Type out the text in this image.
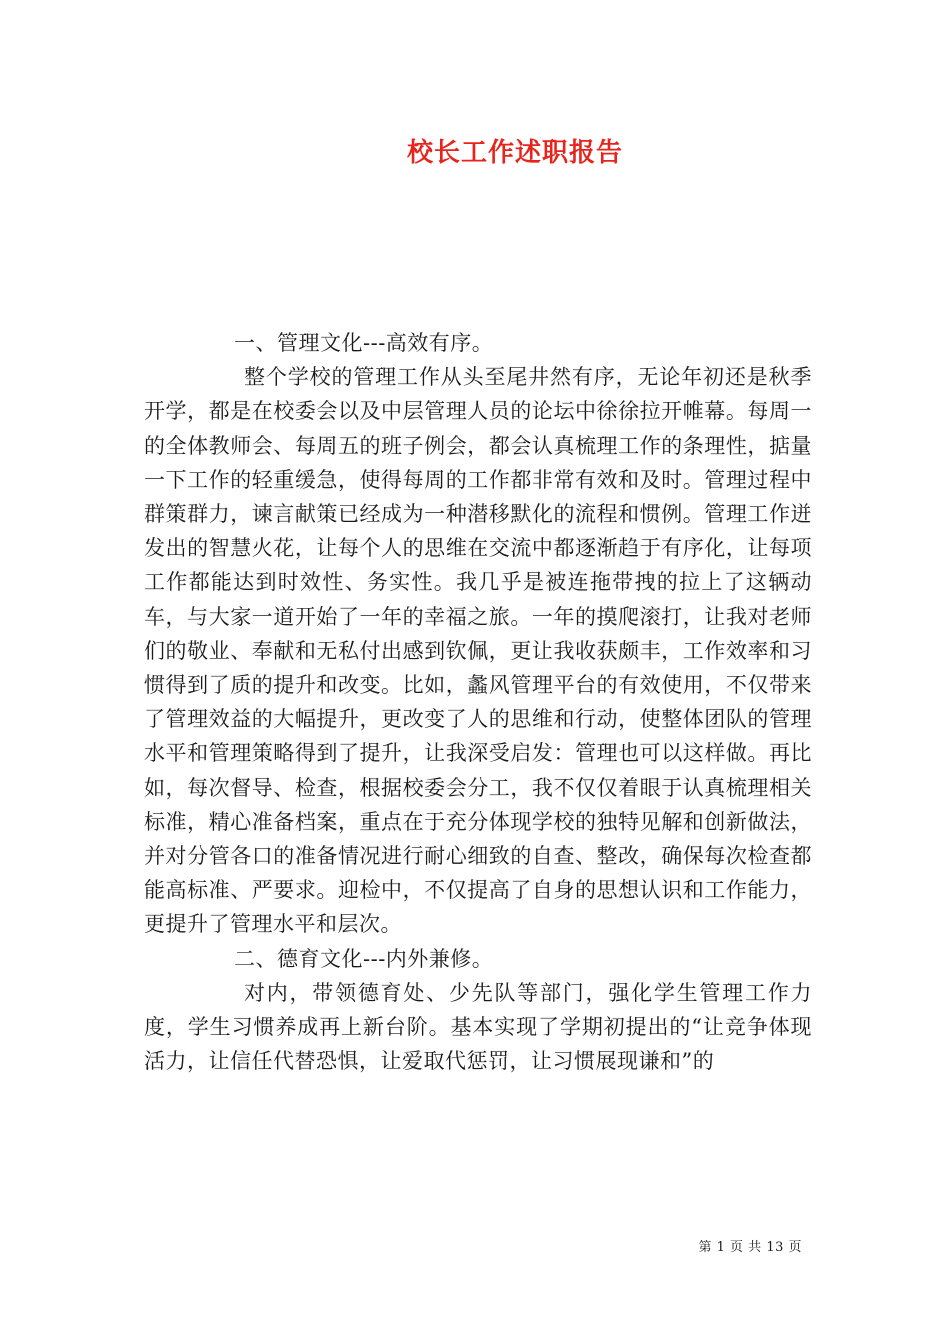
校长工作述职报告

一、管理文化---高效有序。

整个学校的管理工作从头至尾井然有序，无论年初还是秋季开学，都是在校委会以及中层管理人员的论坛中徐徐拉开帷幕。每周一的全体教师会、每周五的班子例会，都会认真梳理工作的条理性，掂量一下工作的轻重缓急，使得每周的工作都非常有效和及时。管理过程中群策群力，谏言献策已经成为一种潜移默化的流程和惯例。管理工作迸发出的智慧火花，让每个人的思维在交流中都逐渐趋于有序化，让每项工作都能达到时效性、务实性。我几乎是被连拖带拽的拉上了这辆动车，与大家一道开始了一年的幸福之旅。一年的摸爬滚打，让我对老师们的敬业、奉献和无私付出感到钦佩，更让我收获颇丰，工作效率和习惯得到了质的提升和改变。比如，蠡风管理平台的有效使用，不仅带来了管理效益的大幅提升，更改变了人的思维和行动，使整体团队的管理水平和管理策略得到了提升，让我深受启发：管理也可以这样做。再比如，每次督导、检查，根据校委会分工，我不仅仅着眼于认真梳理相关标准，精心准备档案，重点在于充分体现学校的独特见解和创新做法，并对分管各口的准备情况进行耐心细致的自查、整改，确保每次检查都能高标准、严要求。迎检中，不仅提高了自身的思想认识和工作能力，更提升了管理水平和层次。

二、德育文化---内外兼修。

对内，带领德育处、少先队等部门，强化学生管理工作力度，学生习惯养成再上新台阶。基本实现了学期初提出的“让竞争体现活力，让信任代替恐惧，让爱取代惩罚，让习惯展现谦和”的

第 1 页 共 13 页
